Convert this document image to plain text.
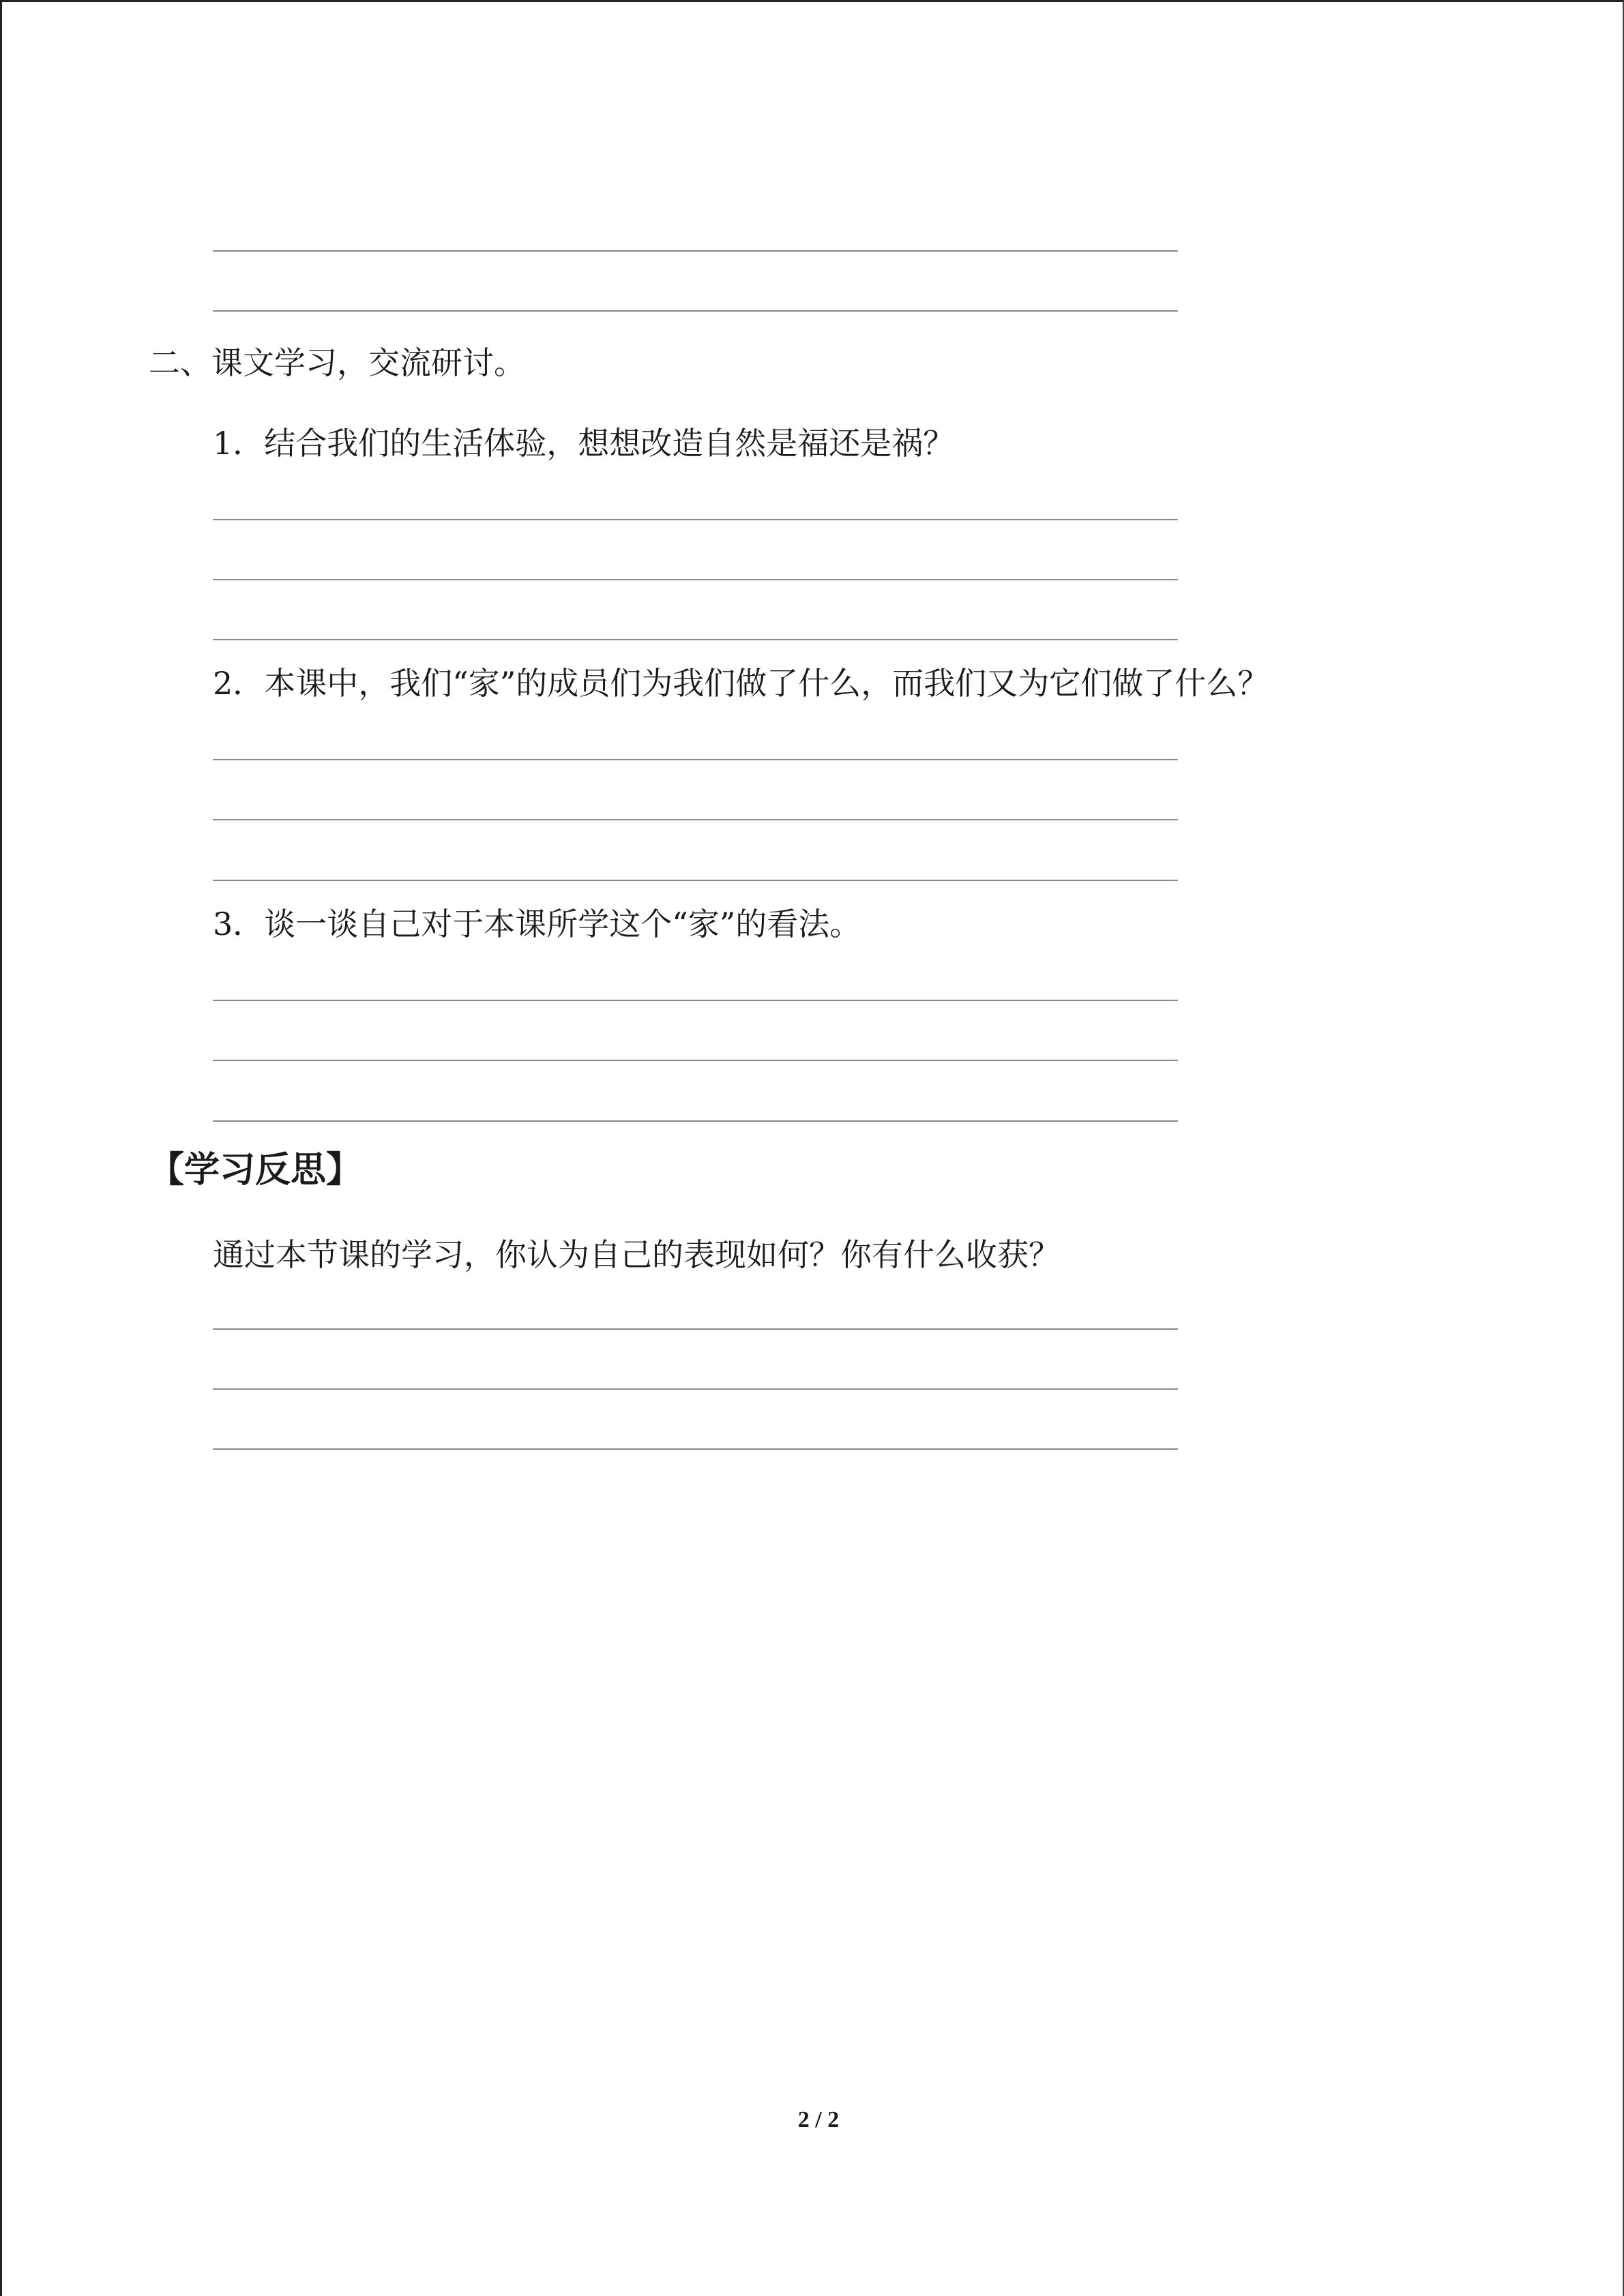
二、课文学习，交流研讨。
1．结合我们的生活体验，想想改造自然是福还是祸？
2．本课中，我们“家”的成员们为我们做了什么，而我们又为它们做了什么？
3．谈一谈自己对于本课所学这个“家”的看法。
【学习反思】
通过本节课的学习，你认为自己的表现如何？你有什么收获？
2 / 2
